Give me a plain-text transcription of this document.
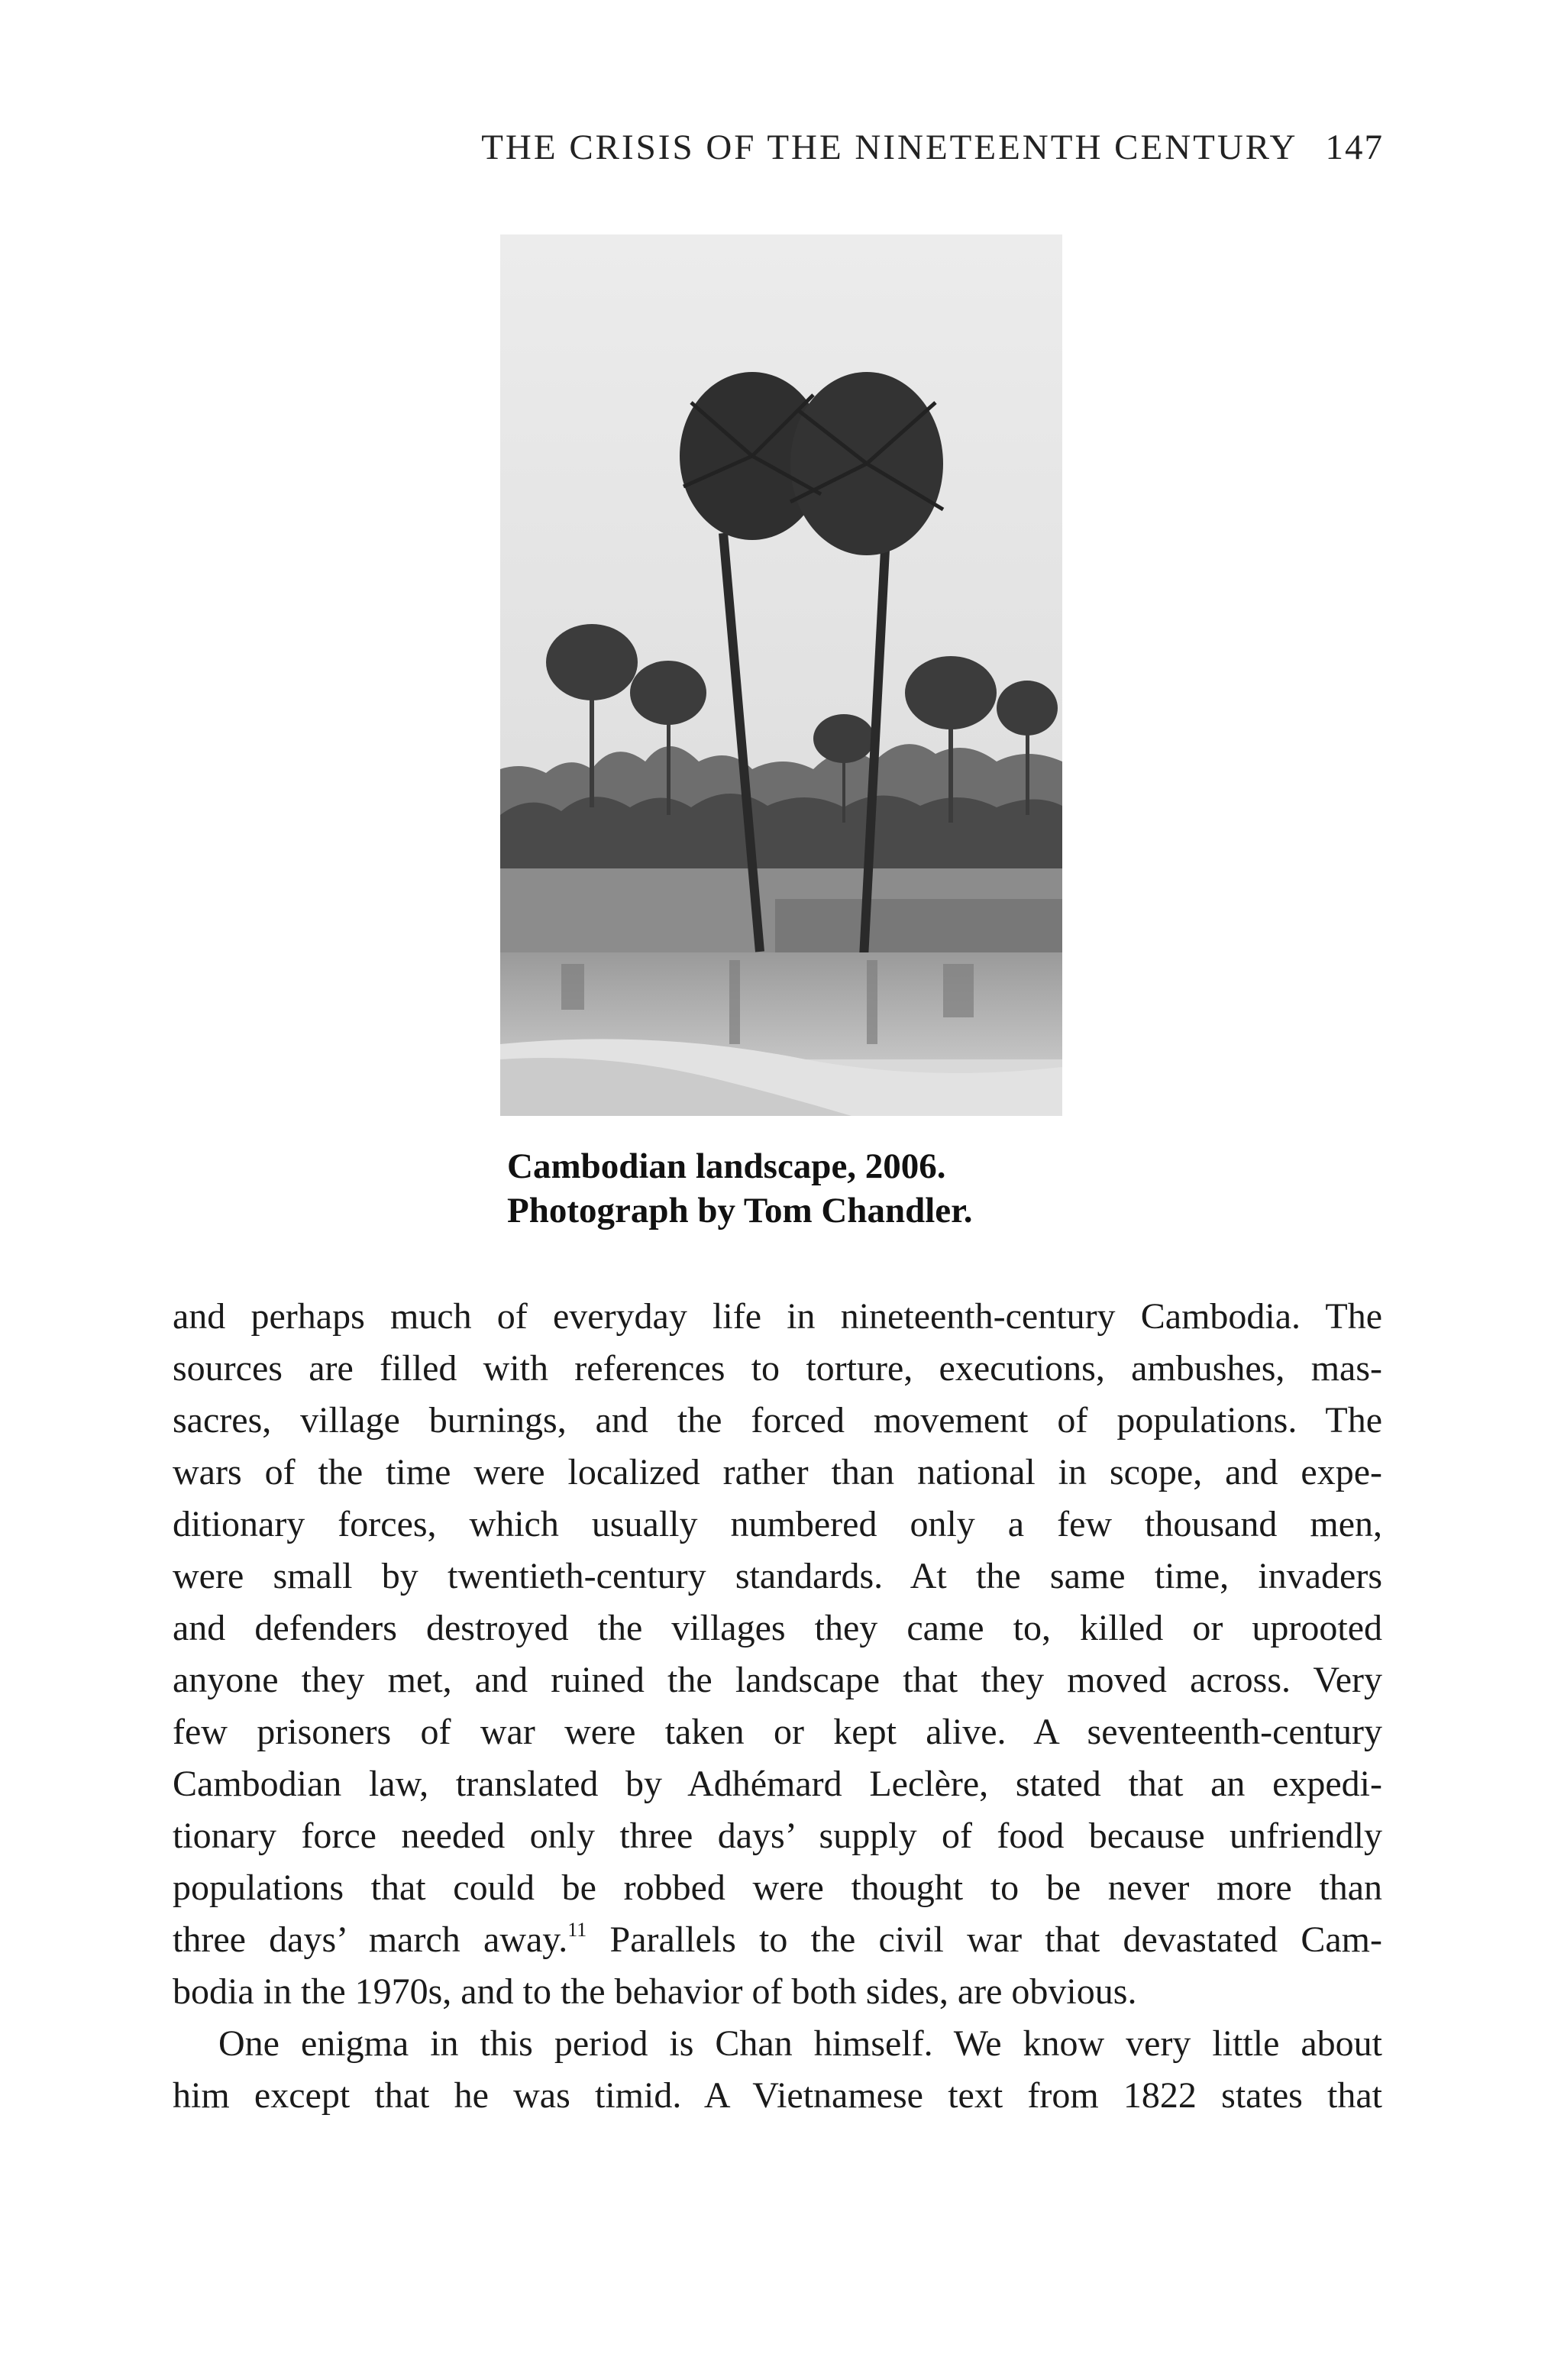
THE CRISIS OF THE NINETEENTH CENTURY 147
Cambodian landscape, 2006.
Photograph by Tom Chandler.
and perhaps much of everyday life in nineteenth-century Cambodia. The
sources are filled with references to torture, executions, ambushes, mas-
sacres, village burnings, and the forced movement of populations. The
wars of the time were localized rather than national in scope, and expe-
ditionary forces, which usually numbered only a few thousand men,
were small by twentieth-century standards. At the same time, invaders
and defenders destroyed the villages they came to, killed or uprooted
anyone they met, and ruined the landscape that they moved across. Very
few prisoners of war were taken or kept alive. A seventeenth-century
Cambodian law, translated by Adhémard Leclère, stated that an expedi-
tionary force needed only three days’ supply of food because unfriendly
populations that could be robbed were thought to be never more than
three days’ march away.$^{11}$ Parallels to the civil war that devastated Cam-
bodia in the 1970s, and to the behavior of both sides, are obvious.
One enigma in this period is Chan himself. We know very little about
him except that he was timid. A Vietnamese text from 1822 states that
